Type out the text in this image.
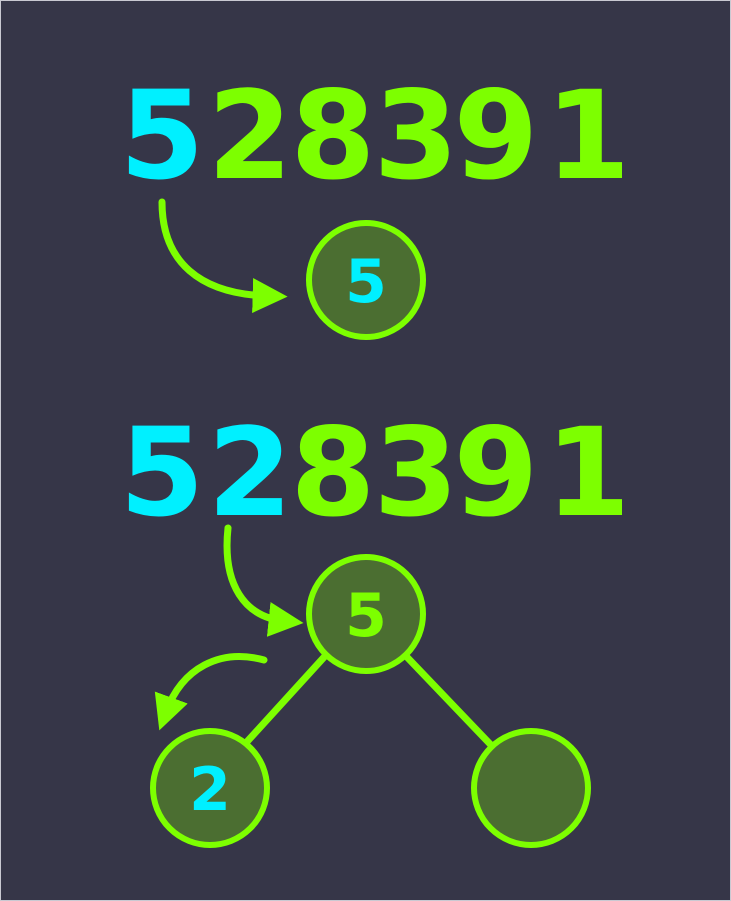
5 2
8
3
9 1
5
5 2
8
3
9 1
5
2
